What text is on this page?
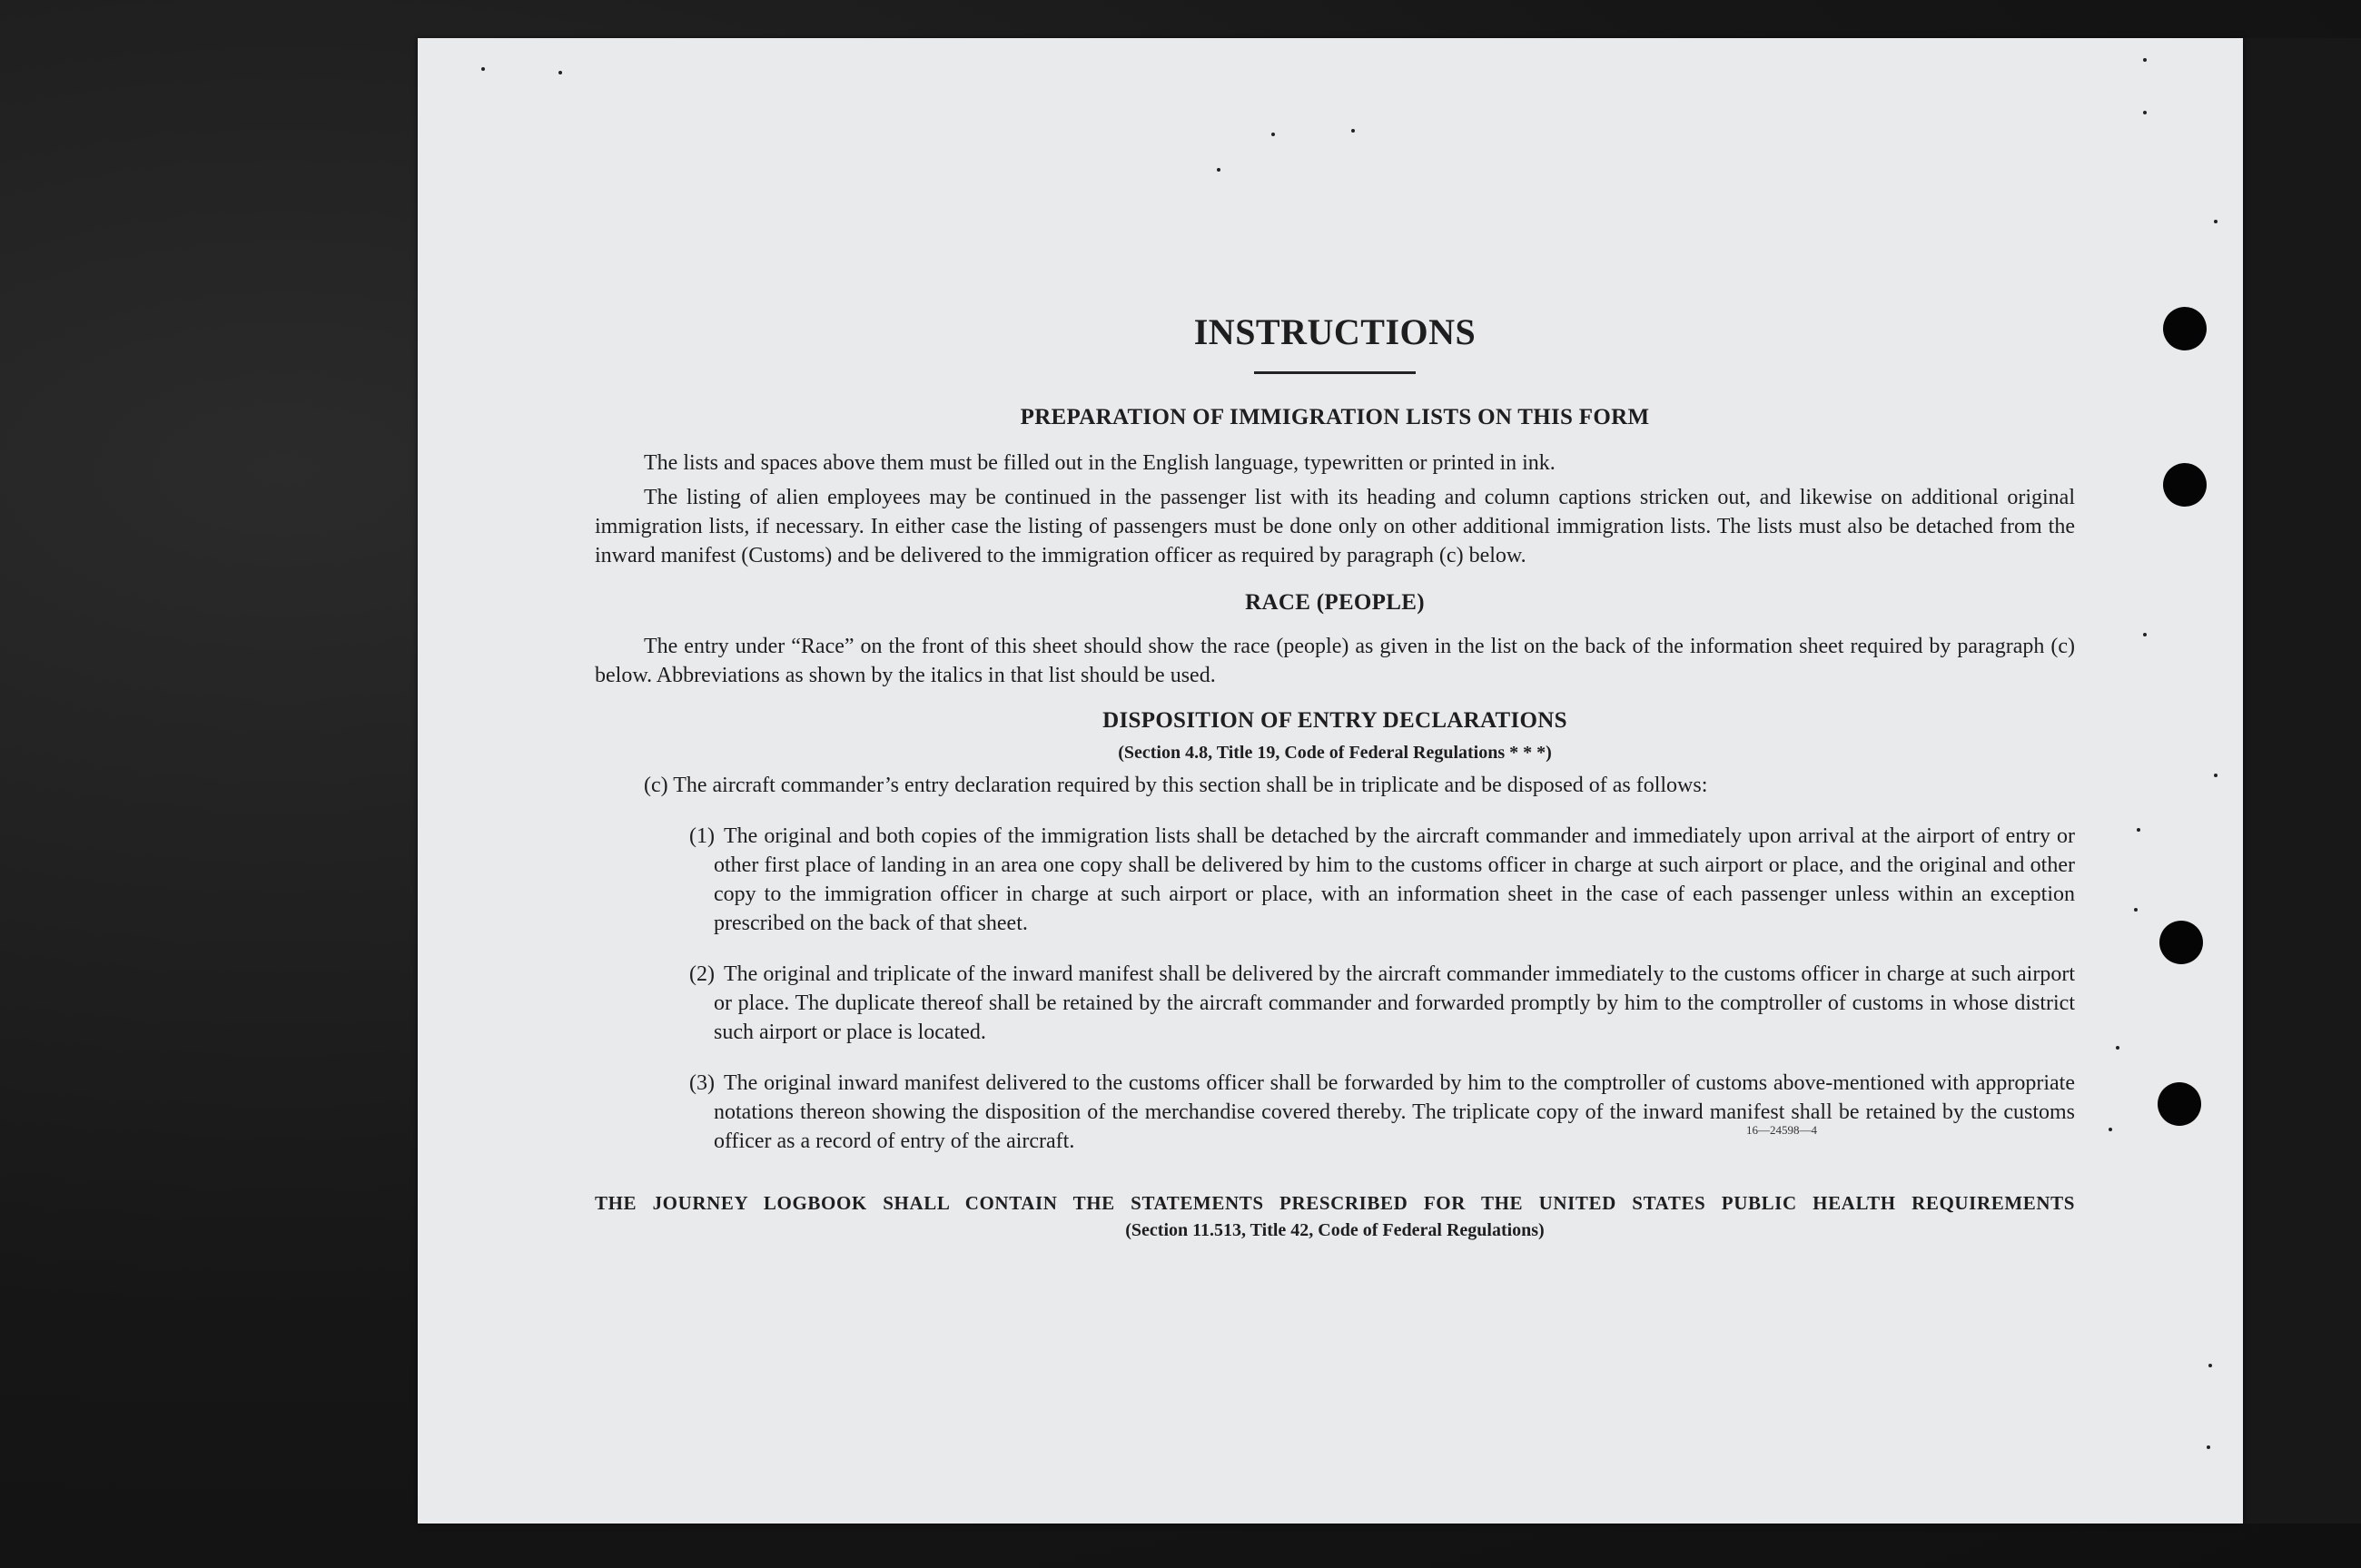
INSTRUCTIONS
PREPARATION OF IMMIGRATION LISTS ON THIS FORM

The lists and spaces above them must be filled out in the English language, typewritten or printed in ink.

The listing of alien employees may be continued in the passenger list with its heading and column captions stricken out, and likewise on additional original immigration lists, if necessary. In either case the listing of passengers must be done only on other additional immigration lists. The lists must also be detached from the inward manifest (Customs) and be delivered to the immigration officer as required by paragraph (c) below.

RACE (PEOPLE)

The entry under “Race” on the front of this sheet should show the race (people) as given in the list on the back of the information sheet required by paragraph (c) below. Abbreviations as shown by the italics in that list should be used.

DISPOSITION OF ENTRY DECLARATIONS

(Section 4.8, Title 19, Code of Federal Regulations * * *)

(c) The aircraft commander’s entry declaration required by this section shall be in triplicate and be disposed of as follows:

(1) The original and both copies of the immigration lists shall be detached by the aircraft commander and immediately upon arrival at the airport of entry or other first place of landing in an area one copy shall be delivered by him to the customs officer in charge at such airport or place, and the original and other copy to the immigration officer in charge at such airport or place, with an information sheet in the case of each passenger unless within an exception prescribed on the back of that sheet.

(2) The original and triplicate of the inward manifest shall be delivered by the aircraft commander immediately to the customs officer in charge at such airport or place. The duplicate thereof shall be retained by the aircraft commander and forwarded promptly by him to the comptroller of customs in whose district such airport or place is located.

(3) The original inward manifest delivered to the customs officer shall be forwarded by him to the comptroller of customs above-mentioned with appropriate notations thereon showing the disposition of the merchandise covered thereby. The triplicate copy of the inward manifest shall be retained by the customs officer as a record of entry of the aircraft.

THE JOURNEY LOGBOOK SHALL CONTAIN THE STATEMENTS PRESCRIBED FOR THE UNITED STATES PUBLIC HEALTH REQUIREMENTS

(Section 11.513, Title 42, Code of Federal Regulations)

16—24598—4
